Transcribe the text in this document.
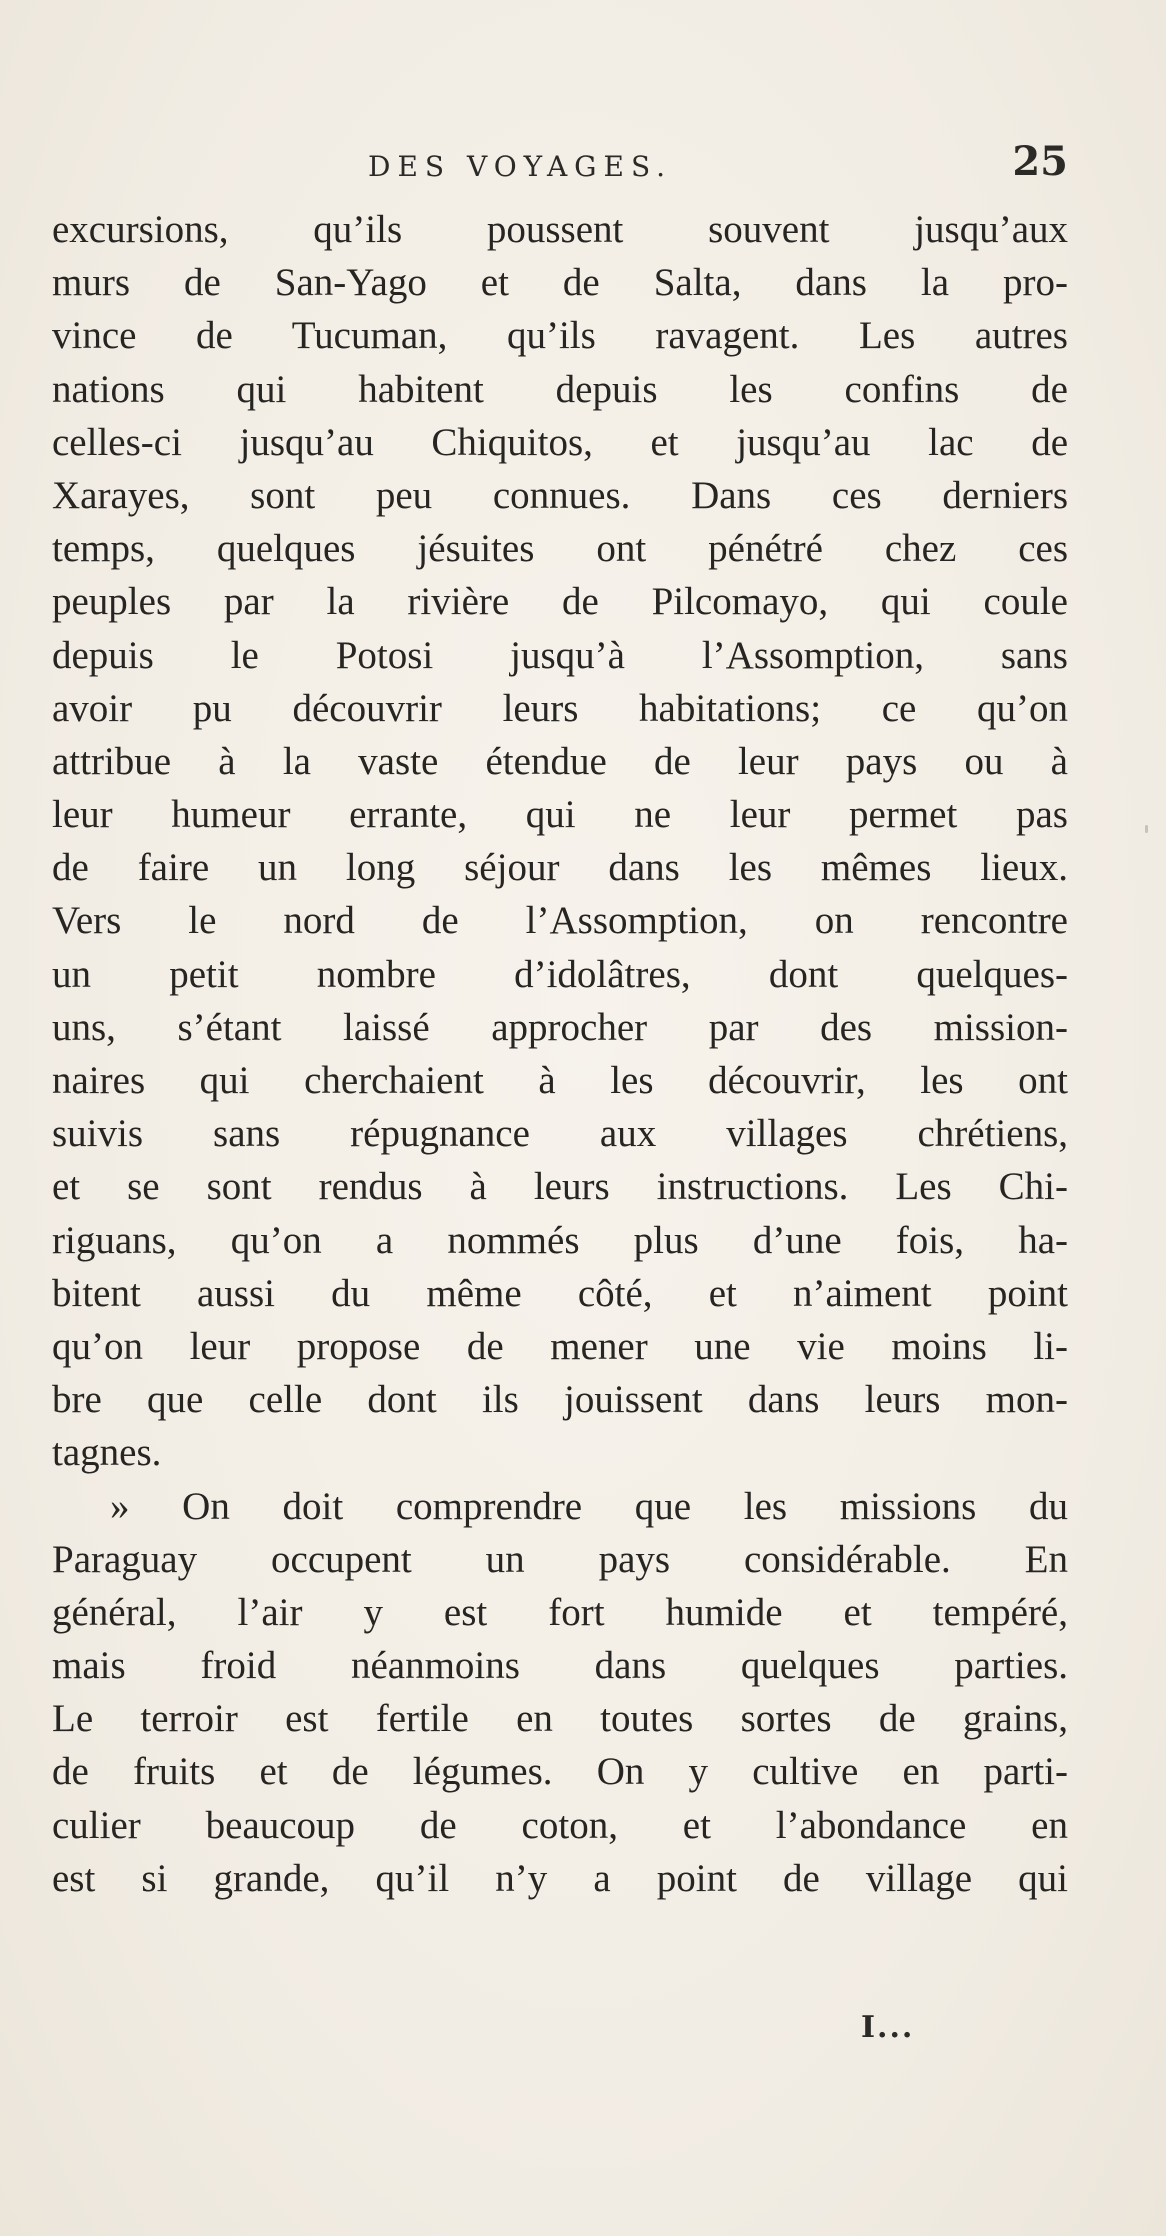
DES VOYAGES.	25
excursions, qu’ils poussent souvent jusqu’aux
murs de San-Yago et de Salta, dans la pro-
vince de Tucuman, qu’ils ravagent. Les autres
nations qui habitent depuis les confins de
celles-ci jusqu’au Chiquitos, et jusqu’au lac de
Xarayes, sont peu connues. Dans ces derniers
temps, quelques jésuites ont pénétré chez ces
peuples par la rivière de Pilcomayo, qui coule
depuis le Potosi jusqu’à l’Assomption, sans
avoir pu découvrir leurs habitations; ce qu’on
attribue à la vaste étendue de leur pays ou à
leur humeur errante, qui ne leur permet pas
de faire un long séjour dans les mêmes lieux.
Vers le nord de l’Assomption, on rencontre
un petit nombre d’idolâtres, dont quelques-
uns, s’étant laissé approcher par des mission-
naires qui cherchaient à les découvrir, les ont
suivis sans répugnance aux villages chrétiens,
et se sont rendus à leurs instructions. Les Chi-
riguans, qu’on a nommés plus d’une fois, ha-
bitent aussi du même côté, et n’aiment point
qu’on leur propose de mener une vie moins li-
bre que celle dont ils jouissent dans leurs mon-
tagnes.
» On doit comprendre que les missions du
Paraguay occupent un pays considérable. En
général, l’air y est fort humide et tempéré,
mais froid néanmoins dans quelques parties.
Le terroir est fertile en toutes sortes de grains,
de fruits et de légumes. On y cultive en parti-
culier beaucoup de coton, et l’abondance en
est si grande, qu’il n’y a point de village qui
I...
